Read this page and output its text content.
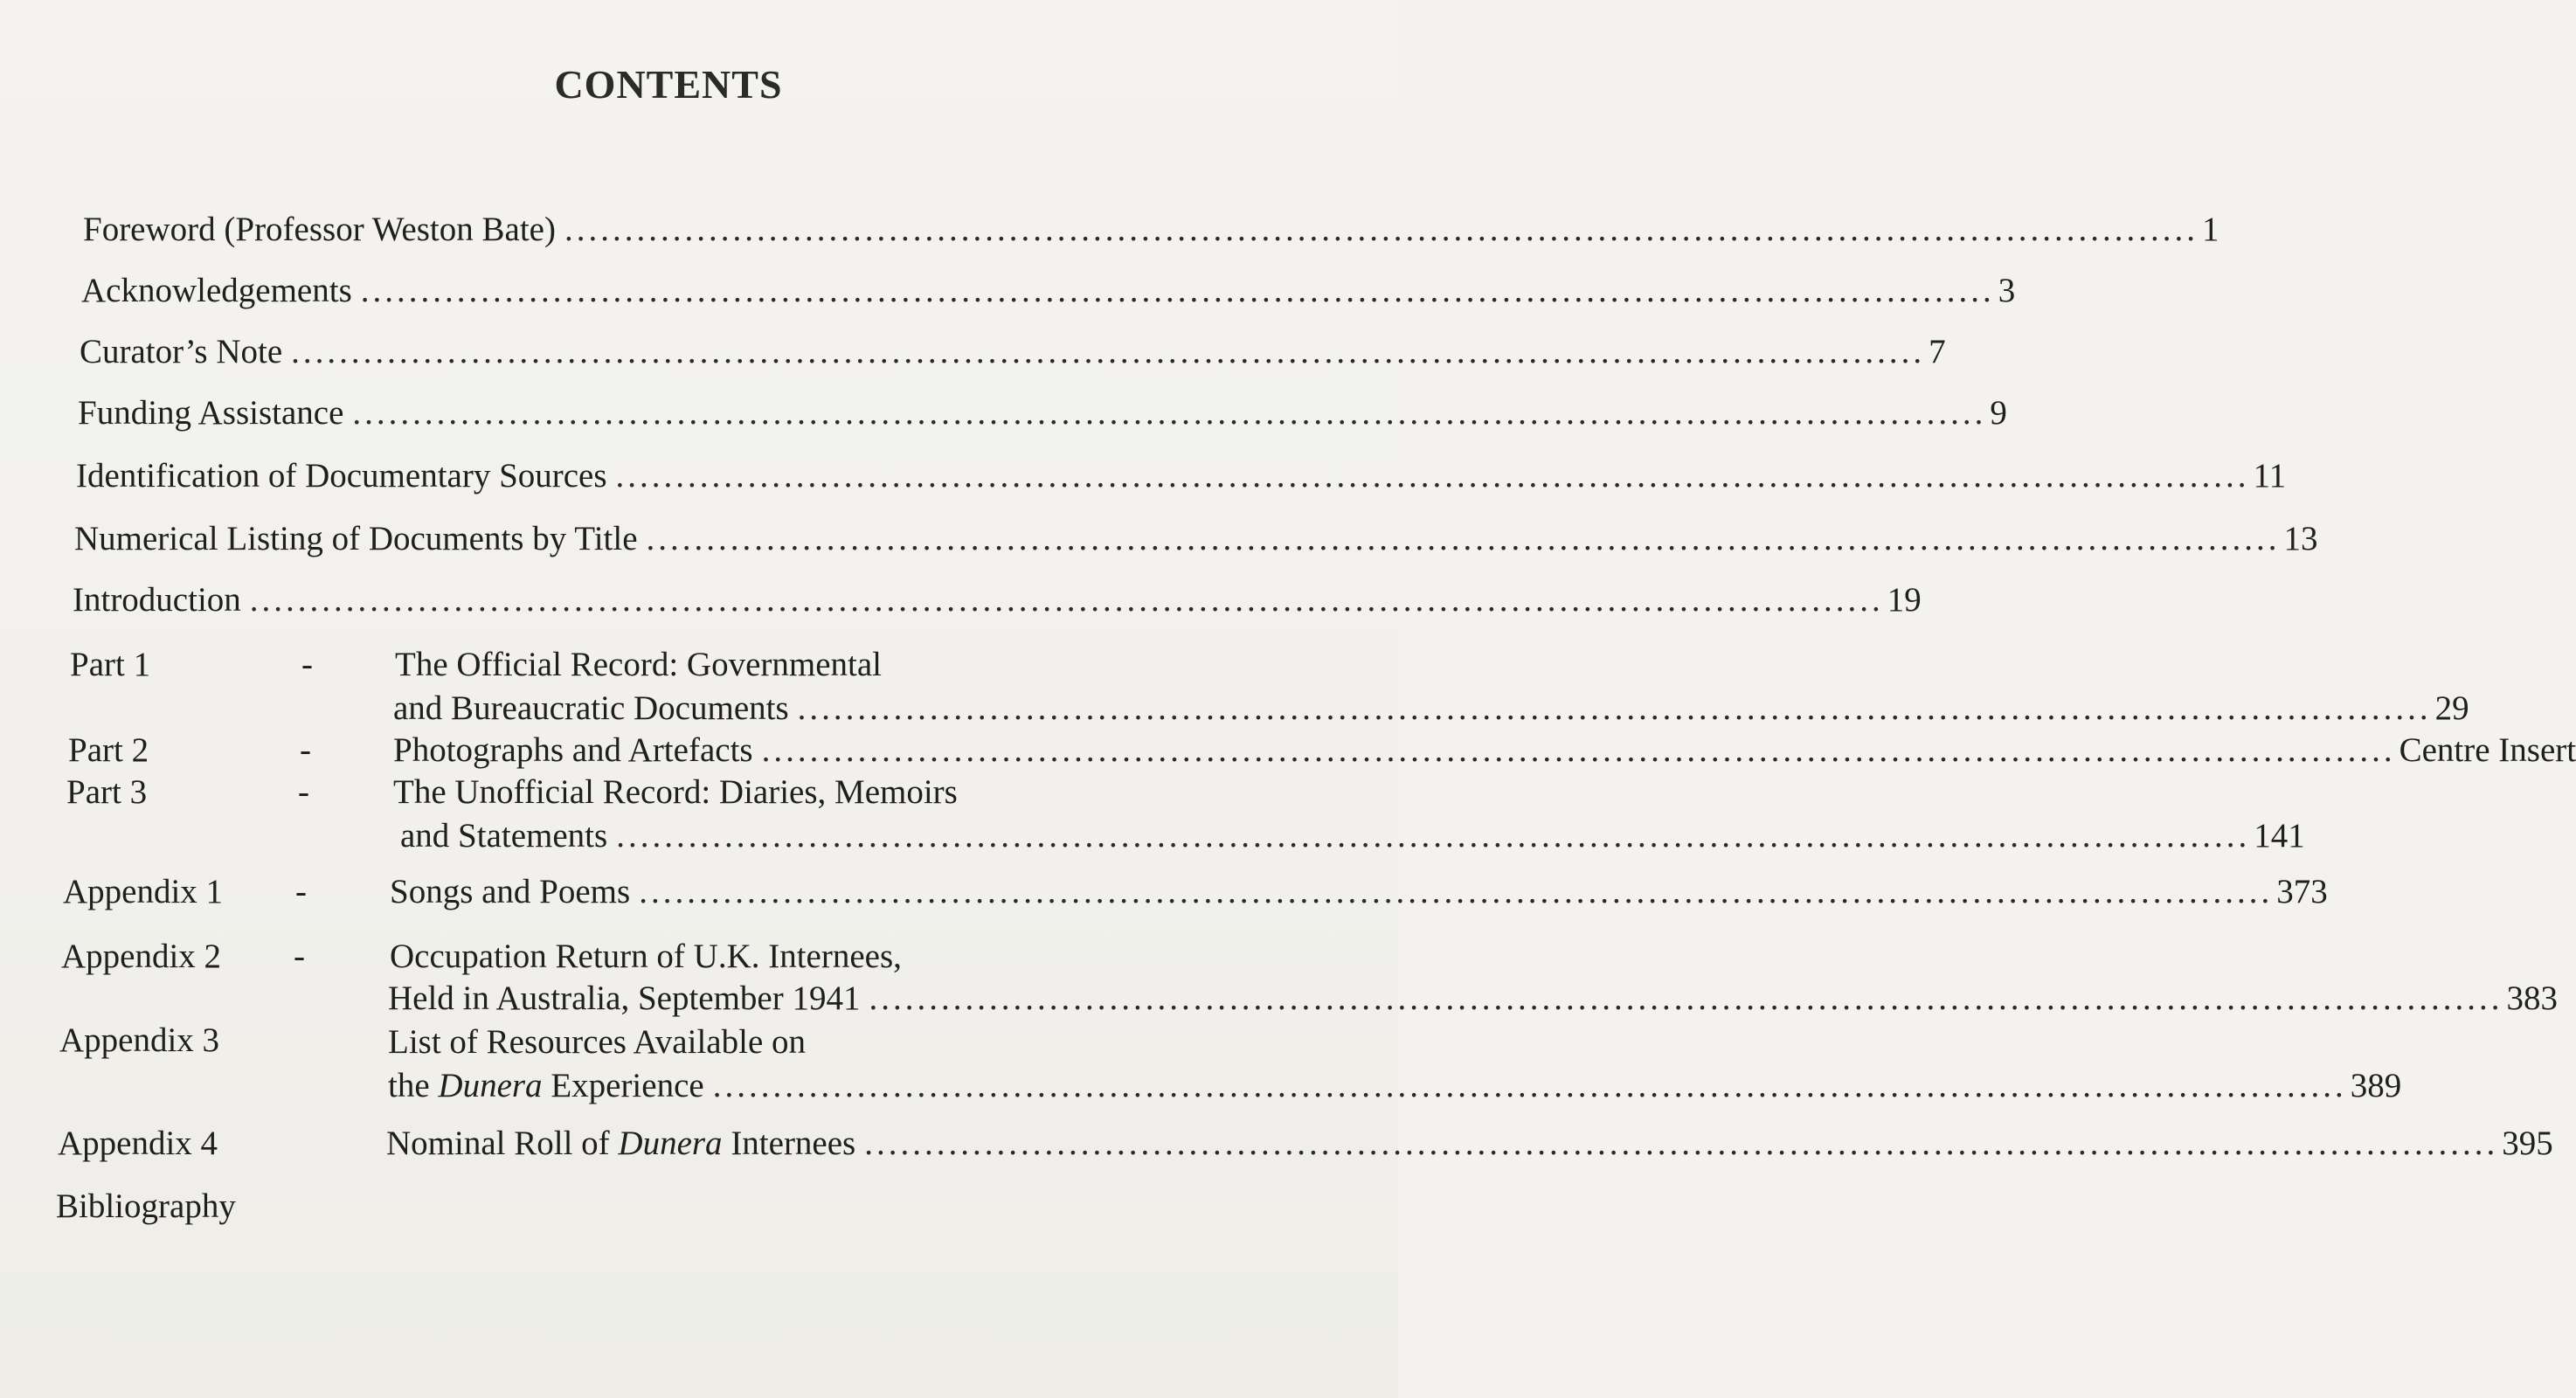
CONTENTS
Foreword (Professor Weston Bate) ........................................................................................................................................ 1
Acknowledgements ........................................................................................................................................ 3
Curator’s Note ........................................................................................................................................ 7
Funding Assistance ........................................................................................................................................ 9
Identification of Documentary Sources ........................................................................................................................................ 11
Numerical Listing of Documents by Title ........................................................................................................................................ 13
Introduction ........................................................................................................................................ 19
Part 1	- The Official Record: Governmental
and Bureaucratic Documents ........................................................................................................................................ 29
Part 2	- Photographs and Artefacts ........................................................................................................................................ Centre Insert
Part 3	- The Unofficial Record: Diaries, Memoirs
and Statements ........................................................................................................................................ 141
Appendix 1 - Songs and Poems ........................................................................................................................................ 373
Appendix 2 - Occupation Return of U.K. Internees,
Held in Australia, September 1941 ........................................................................................................................................ 383
Appendix 3	List of Resources Available on
the Dunera Experience ........................................................................................................................................ 389
Appendix 4	Nominal Roll of Dunera Internees ........................................................................................................................................ 395
Bibliography
